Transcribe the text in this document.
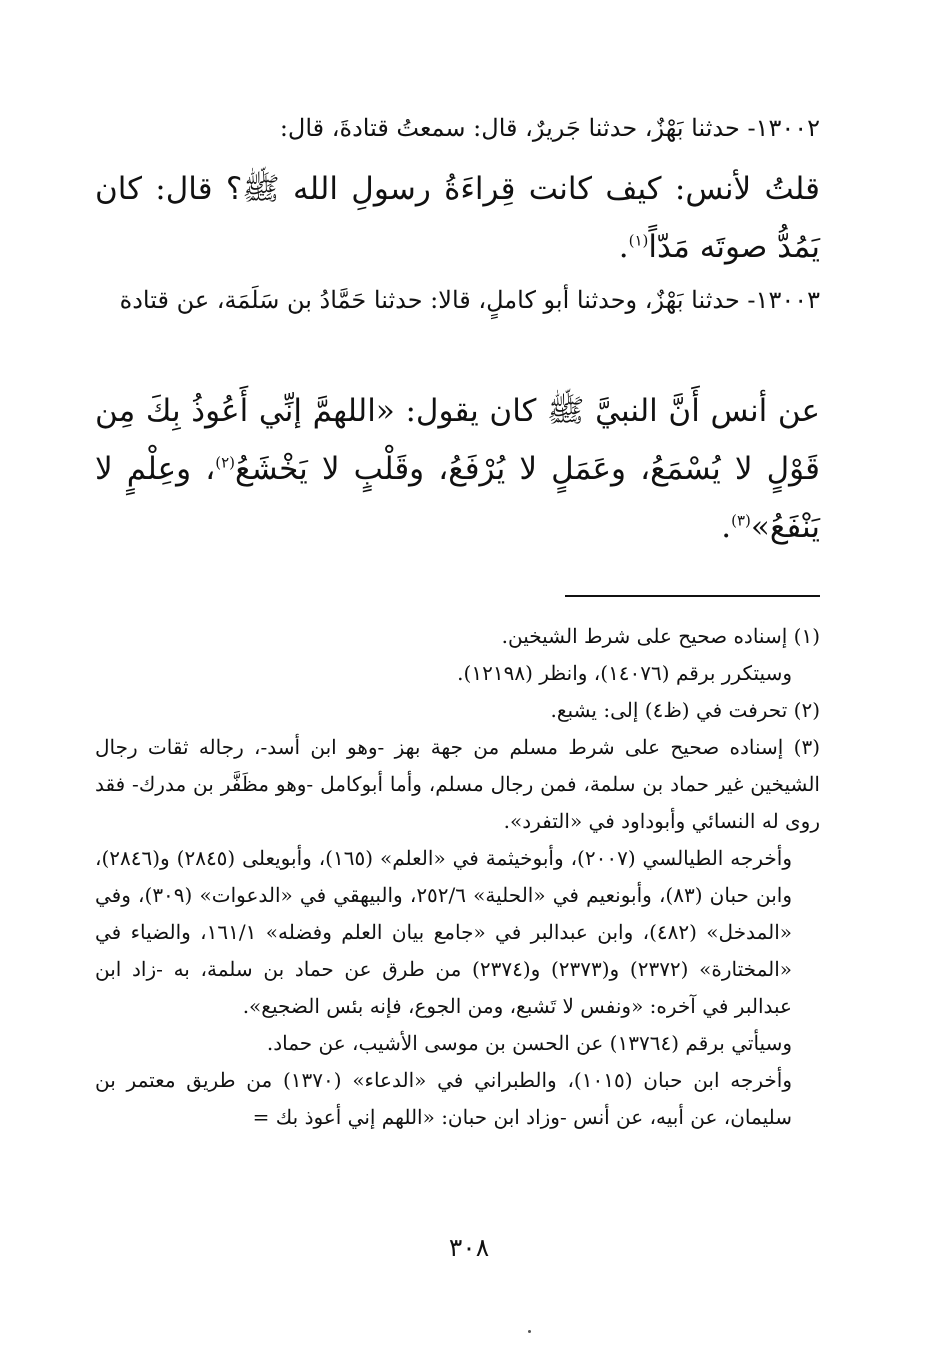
١٣٠٠٢- حدثنا بَهْزٌ، حدثنا جَريرٌ، قال: سمعتُ قتادةَ، قال:
قلتُ لأنس: كيف كانت قِراءَةُ رسولِ الله ﷺ؟ قال: كان يَمُدُّ صوتَه مَدّاً$^{(١)}$.
١٣٠٠٣- حدثنا بَهْزٌ، وحدثنا أبو كاملٍ، قالا: حدثنا حَمَّادُ بن سَلَمَة، عن قتادة
عن أنس أَنَّ النبيَّ ﷺ كان يقول: «اللهمَّ إنِّي أَعُوذُ بِكَ مِن قَوْلٍ لا يُسْمَعُ، وعَمَلٍ لا يُرْفَعُ، وقَلْبٍ لا يَخْشَعُ$^{(٢)}$، وعِلْمٍ لا يَنْفَعُ»$^{(٣)}$.
(١) إسناده صحيح على شرط الشيخين.
وسيتكرر برقم (١٤٠٧٦)، وانظر (١٢١٩٨).
(٢) تحرفت في (ظ٤) إلى: يشبع.
(٣) إسناده صحيح على شرط مسلم من جهة بهز -وهو ابن أسد-، رجاله ثقات رجال الشيخين غير حماد بن سلمة، فمن رجال مسلم، وأما أبوكامل -وهو مظَفَّر بن مدرك- فقد روى له النسائي وأبوداود في «التفرد».
وأخرجه الطيالسي (٢٠٠٧)، وأبوخيثمة في «العلم» (١٦٥)، وأبويعلى (٢٨٤٥) و(٢٨٤٦)، وابن حبان (٨٣)، وأبونعيم في «الحلية» ٢٥٢/٦، والبيهقي في «الدعوات» (٣٠٩)، وفي «المدخل» (٤٨٢)، وابن عبدالبر في «جامع بيان العلم وفضله» ١٦١/١، والضياء في «المختارة» (٢٣٧٢) و(٢٣٧٣) و(٢٣٧٤) من طرق عن حماد بن سلمة، به -زاد ابن عبدالبر في آخره: «ونفس لا تَشبع، ومن الجوع، فإنه بئس الضجيع».
وسيأتي برقم (١٣٧٦٤) عن الحسن بن موسى الأشيب، عن حماد.
وأخرجه ابن حبان (١٠١٥)، والطبراني في «الدعاء» (١٣٧٠) من طريق معتمر بن سليمان، عن أبيه، عن أنس -وزاد ابن حبان: «اللهم إني أعوذ بك =
٣٠٨
